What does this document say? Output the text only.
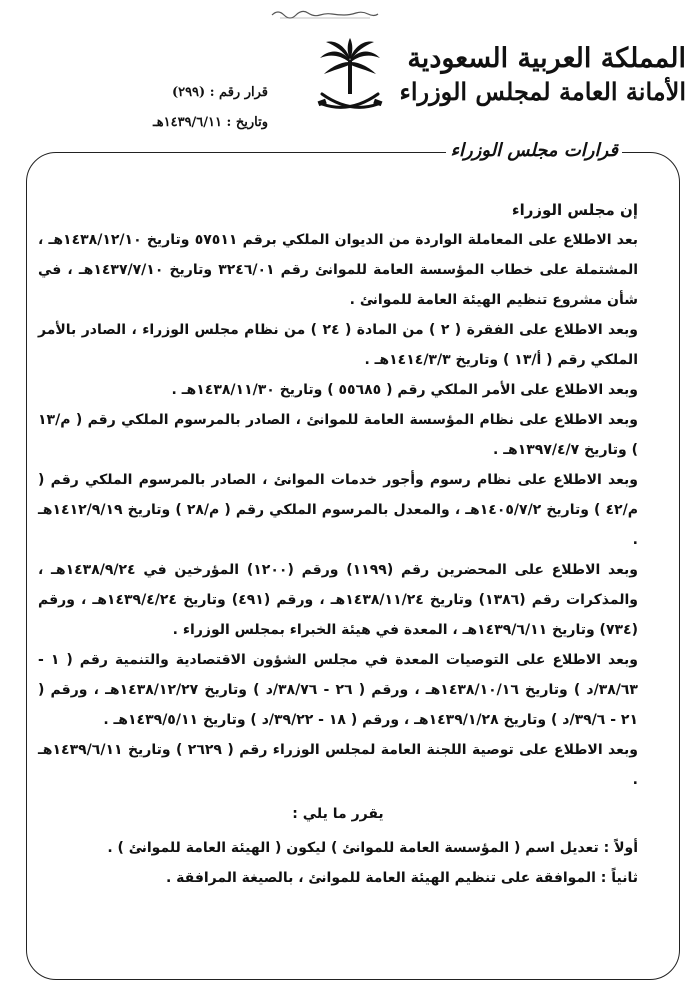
المملكة العربية السعودية
الأمانة العامة لمجلس الوزراء
قرار رقم : (٢٩٩)
وتاريخ : ١٤٣٩/٦/١١هـ
قرارات مجلس الوزراء

إن مجلس الوزراء

بعد الاطلاع على المعاملة الواردة من الديوان الملكي برقم ٥٧٥١١ وتاريخ ١٤٣٨/١٢/١٠هـ ، المشتملة على خطاب المؤسسة العامة للموانئ رقم ٣٢٤٦/٠١ وتاريخ ١٤٣٧/٧/١٠هـ ، في شأن مشروع تنظيم الهيئة العامة للموانئ .

وبعد الاطلاع على الفقرة ( ٢ ) من المادة ( ٢٤ ) من نظام مجلس الوزراء ، الصادر بالأمر الملكي رقم ( أ/١٣ ) وتاريخ ١٤١٤/٣/٣هـ .

وبعد الاطلاع على الأمر الملكي رقم ( ٥٥٦٨٥ ) وتاريخ ١٤٣٨/١١/٣٠هـ .

وبعد الاطلاع على نظام المؤسسة العامة للموانئ ، الصادر بالمرسوم الملكي رقم ( م/١٣ ) وتاريخ ١٣٩٧/٤/٧هـ .

وبعد الاطلاع على نظام رسوم وأجور خدمات الموانئ ، الصادر بالمرسوم الملكي رقم ( م/٤٢ ) وتاريخ ١٤٠٥/٧/٢هـ ، والمعدل بالمرسوم الملكي رقم ( م/٢٨ ) وتاريخ ١٤١٢/٩/١٩هـ .

وبعد الاطلاع على المحضرين رقم (١١٩٩) ورقم (١٢٠٠) المؤرخين في ١٤٣٨/٩/٢٤هـ ، والمذكرات رقم (١٣٨٦) وتاريخ ١٤٣٨/١١/٢٤هـ ، ورقم (٤٩١) وتاريخ ١٤٣٩/٤/٢٤هـ ، ورقم (٧٣٤) وتاريخ ١٤٣٩/٦/١١هـ ، المعدة في هيئة الخبراء بمجلس الوزراء .

وبعد الاطلاع على التوصيات المعدة في مجلس الشؤون الاقتصادية والتنمية رقم ( ١ - ٣٨/٦٣/د ) وتاريخ ١٤٣٨/١٠/١٦هـ ، ورقم ( ٢٦ - ٣٨/٧٦/د ) وتاريخ ١٤٣٨/١٢/٢٧هـ ، ورقم ( ٢١ - ٣٩/٦/د ) وتاريخ ١٤٣٩/١/٢٨هـ ، ورقم ( ١٨ - ٣٩/٢٢/د ) وتاريخ ١٤٣٩/٥/١١هـ .

وبعد الاطلاع على توصية اللجنة العامة لمجلس الوزراء رقم ( ٢٦٢٩ ) وتاريخ ١٤٣٩/٦/١١هـ .

يقرر ما يلي :

أولاً : تعديل اسم ( المؤسسة العامة للموانئ ) ليكون ( الهيئة العامة للموانئ ) .

ثانياً : الموافقة على تنظيم الهيئة العامة للموانئ ، بالصيغة المرافقة .
